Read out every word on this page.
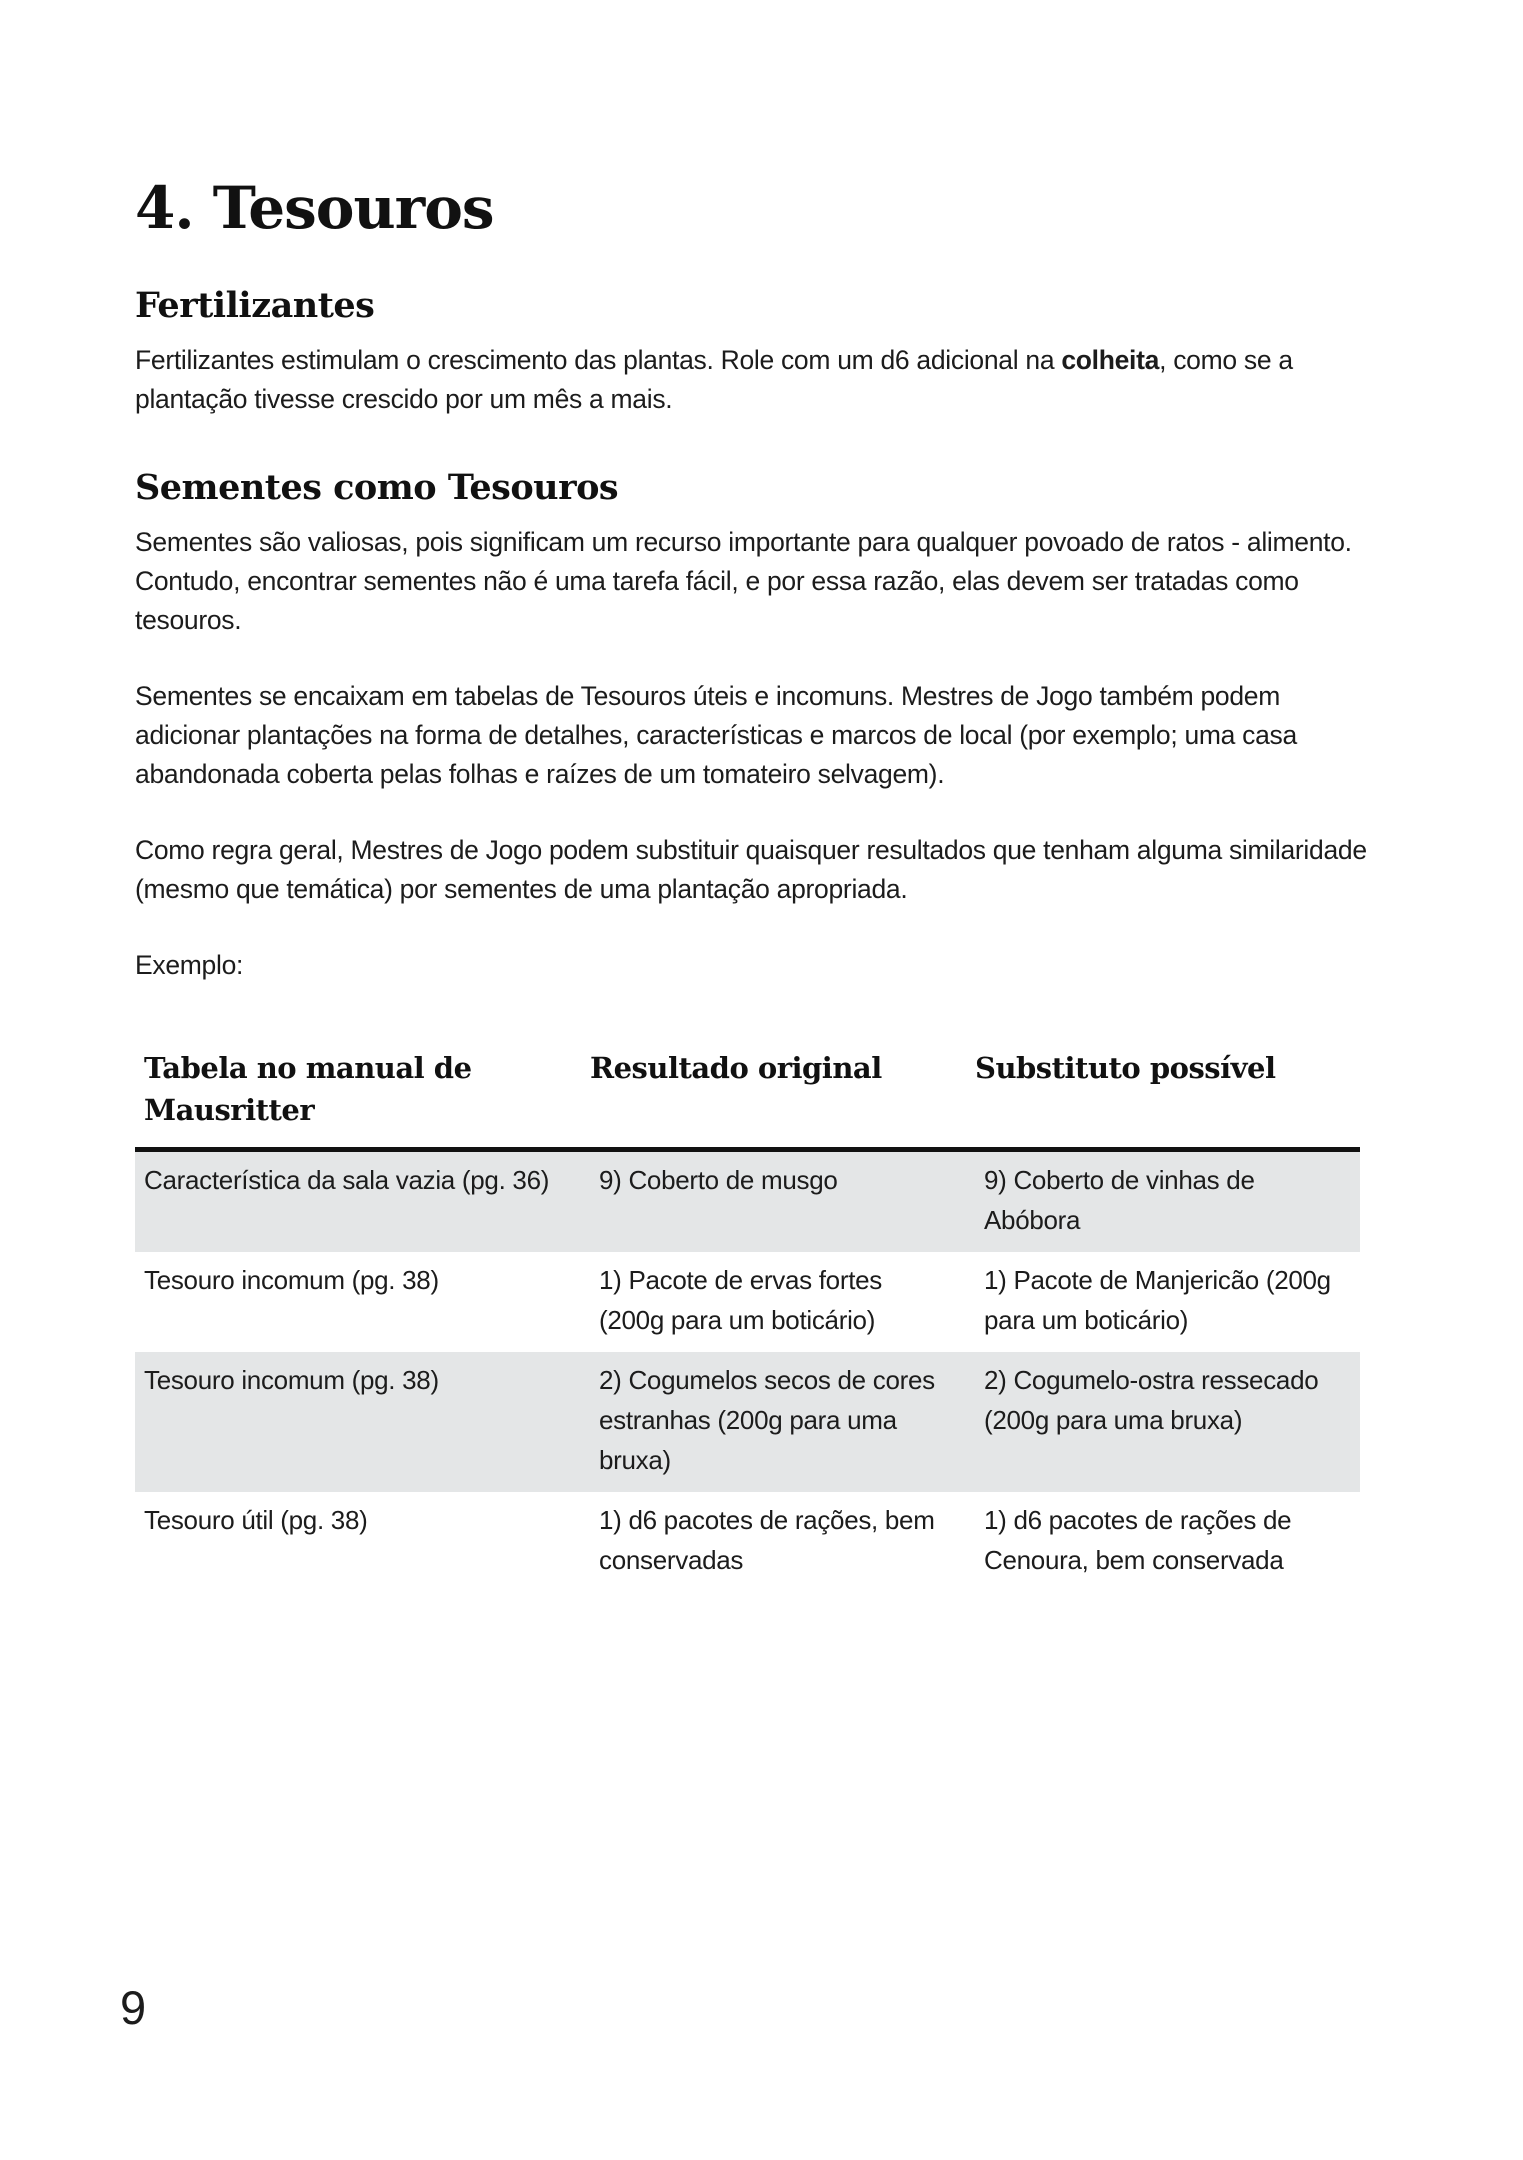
4. Tesouros
Fertilizantes

Fertilizantes estimulam o crescimento das plantas. Role com um d6 adicional na colheita, como se a plantação tivesse crescido por um mês a mais.

Sementes como Tesouros

Sementes são valiosas, pois significam um recurso importante para qualquer povoado de ratos - alimento. Contudo, encontrar sementes não é uma tarefa fácil, e por essa razão, elas devem ser tratadas como tesouros.

Sementes se encaixam em tabelas de Tesouros úteis e incomuns. Mestres de Jogo também podem adicionar plantações na forma de detalhes, características e marcos de local (por exemplo; uma casa abandonada coberta pelas folhas e raízes de um tomateiro selvagem).

Como regra geral, Mestres de Jogo podem substituir quaisquer resultados que tenham alguma similaridade (mesmo que temática) por sementes de uma plantação apropriada.

Exemplo:

Tabela no manual de Mausritter	Resultado original	Substituto possível
Característica da sala vazia (pg. 36)	9) Coberto de musgo	9) Coberto de vinhas de Abóbora
Tesouro incomum (pg. 38)	1) Pacote de ervas fortes (200g para um boticário)	1) Pacote de Manjericão (200g para um boticário)
Tesouro incomum (pg. 38)	2) Cogumelos secos de cores estranhas (200g para uma bruxa)	2) Cogumelo-ostra ressecado (200g para uma bruxa)
Tesouro útil (pg. 38)	1) d6 pacotes de rações, bem conservadas	1) d6 pacotes de rações de Cenoura, bem conservada
9
